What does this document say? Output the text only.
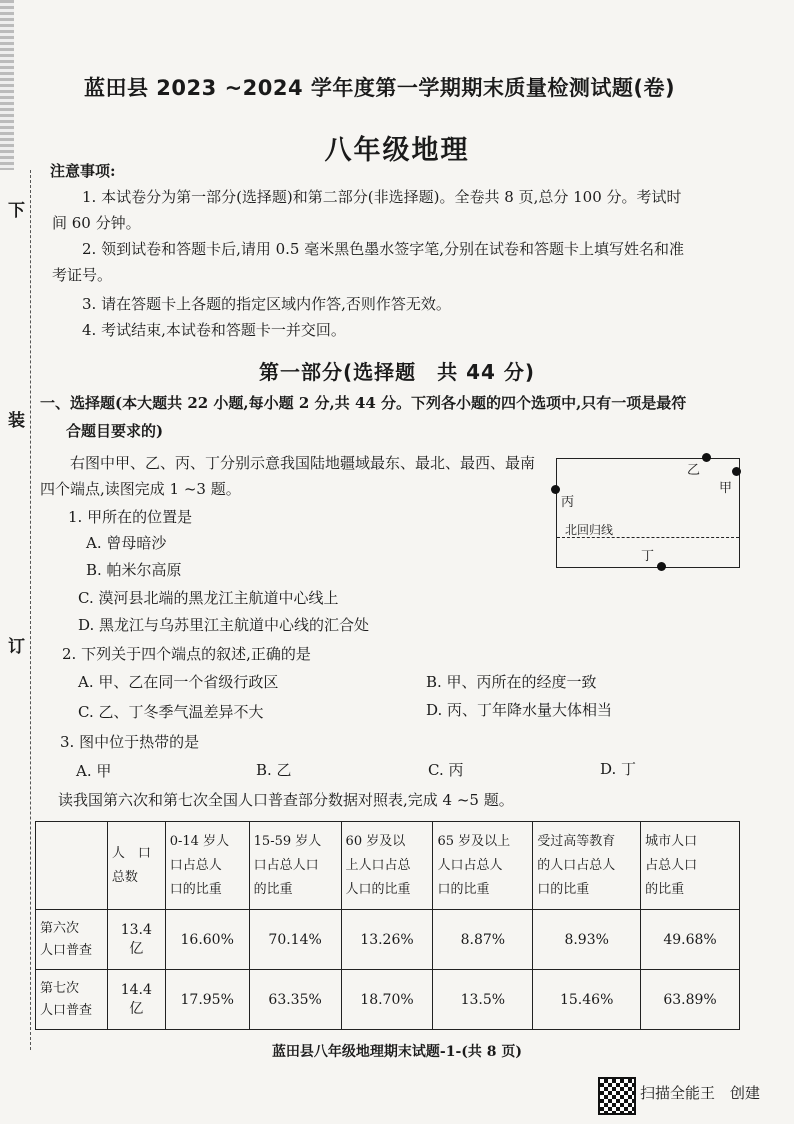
下
装
订
蓝田县 2023 ~2024 学年度第一学期期末质量检测试题(卷)
八年级地理
注意事项:
1. 本试卷分为第一部分(选择题)和第二部分(非选择题)。全卷共 8 页,总分 100 分。考试时
间 60 分钟。
2. 领到试卷和答题卡后,请用 0.5 毫米黑色墨水签字笔,分别在试卷和答题卡上填写姓名和准
考证号。
3. 请在答题卡上各题的指定区域内作答,否则作答无效。
4. 考试结束,本试卷和答题卡一并交回。
第一部分(选择题　共 44 分)
一、选择题(本大题共 22 小题,每小题 2 分,共 44 分。下列各小题的四个选项中,只有一项是最符
合题目要求的)
右图中甲、乙、丙、丁分别示意我国陆地疆域最东、最北、最西、最南
四个端点,读图完成 1 ~3 题。
乙
甲
丙
北回归线
丁
1. 甲所在的位置是
A. 曾母暗沙
B. 帕米尔高原
C. 漠河县北端的黑龙江主航道中心线上
D. 黑龙江与乌苏里江主航道中心线的汇合处
2. 下列关于四个端点的叙述,正确的是
A. 甲、乙在同一个省级行政区	B. 甲、丙所在的经度一致
C. 乙、丁冬季气温差异不大	D. 丙、丁年降水量大体相当
3. 图中位于热带的是
A. 甲	B. 乙	C. 丙	D. 丁
读我国第六次和第七次全国人口普查部分数据对照表,完成 4 ~5 题。
	人　口
总数	0-14 岁人
口占总人
口的比重	15-59 岁人
口占总人口
的比重	60 岁及以
上人口占总
人口的比重	65 岁及以上
人口占总人
口的比重	受过高等教育
的人口占总人
口的比重	城市人口
占总人口
的比重
第六次
人口普查	13.4 亿	16.60%	70.14%	13.26%	8.87%	8.93%	49.68%
第七次
人口普查	14.4 亿	17.95%	63.35%	18.70%	13.5%	15.46%	63.89%
蓝田县八年级地理期末试题-1-(共 8 页)
扫描全能王　创建
